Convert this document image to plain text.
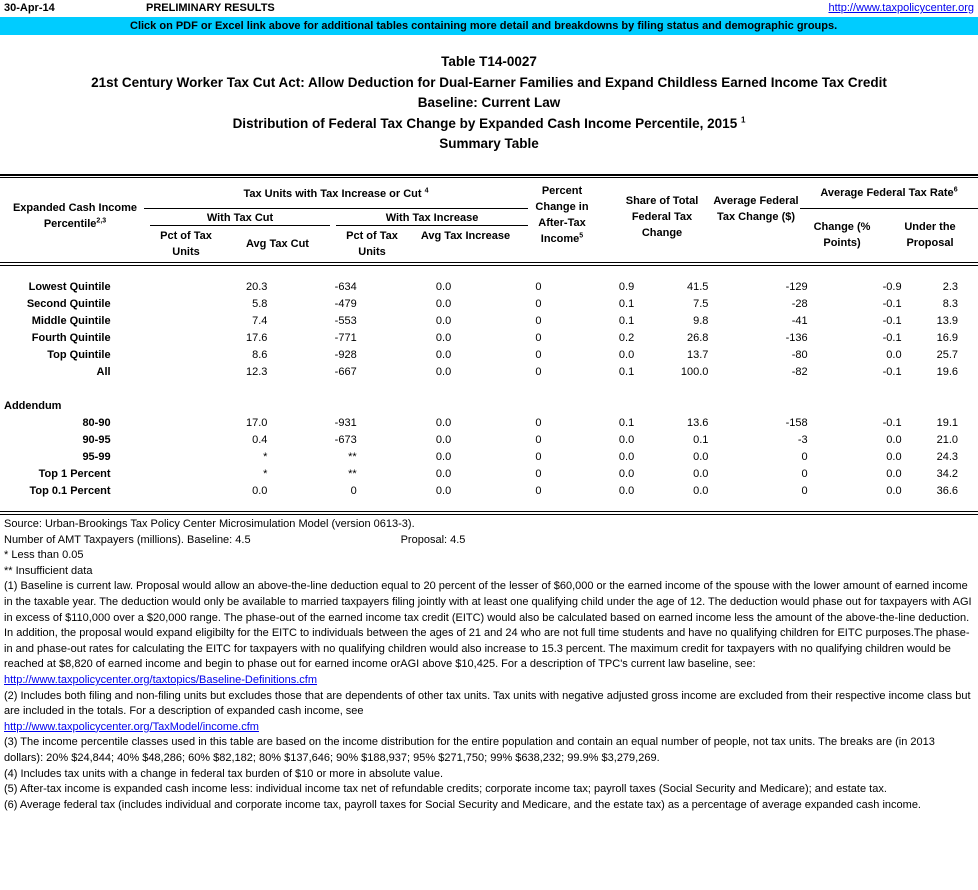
30-Apr-14	PRELIMINARY RESULTS	http://www.taxpolicycenter.org
Click on PDF or Excel link above for additional tables containing more detail and breakdowns by filing status and demographic groups.
Table T14-0027
21st Century Worker Tax Cut Act: Allow Deduction for Dual-Earner Families and Expand Childless Earned Income Tax Credit
Baseline: Current Law
Distribution of Federal Tax Change by Expanded Cash Income Percentile, 2015 $^1$
Summary Table
Expanded Cash Income Percentile$^{2,3}$
Tax Units with Tax Increase or Cut $^4$
With Tax Cut	With Tax Increase
Pct of Tax Units
Avg Tax Cut
Pct of Tax Units
Avg Tax Increase
Percent Change in After-Tax Income$^5$
Share of Total Federal Tax Change
Average Federal Tax Change ($)
Average Federal Tax Rate$^6$
Change (% Points)
Under the Proposal
Lowest Quintile		20.3	-634	0.0	0	0.9	41.5	-129	-0.9	2.3
Second Quintile		5.8	-479	0.0	0	0.1	7.5	-28	-0.1	8.3
Middle Quintile		7.4	-553	0.0	0	0.1	9.8	-41	-0.1	13.9
Fourth Quintile		17.6	-771	0.0	0	0.2	26.8	-136	-0.1	16.9
Top Quintile		8.6	-928	0.0	0	0.0	13.7	-80	0.0	25.7
All		12.3	-667	0.0	0	0.1	100.0	-82	-0.1	19.6

Addendum										
80-90		17.0	-931	0.0	0	0.1	13.6	-158	-0.1	19.1
90-95		0.4	-673	0.0	0	0.0	0.1	-3	0.0	21.0
95-99		*	**	0.0	0	0.0	0.0	0	0.0	24.3
Top 1 Percent		*	**	0.0	0	0.0	0.0	0	0.0	34.2
Top 0.1 Percent		0.0	0	0.0	0	0.0	0.0	0	0.0	36.6
Source: Urban-Brookings Tax Policy Center Microsimulation Model (version 0613-3).
Number of AMT Taxpayers (millions). Baseline: 4.5	Proposal: 4.5
* Less than 0.05
** Insufficient data
(1) Baseline is current law. Proposal would allow an above-the-line deduction equal to 20 percent of the lesser of $60,000 or the earned income of the spouse with the lower amount of earned income in the taxable year. The deduction would only be available to married taxpayers filing jointly with at least one qualifying child under the age of 12. The deduction would phase out for taxpayers with AGI in excess of $110,000 over a $20,000 range. The phase-out of the earned income tax credit (EITC) would also be calculated based on earned income less the amount of the above-the-line deduction. In addition, the proposal would expand eligibilty for the EITC to individuals between the ages of 21 and 24 who are not full time students and have no qualifying children for EITC purposes.The phase-in and phase-out rates for calculating the EITC for taxpayers with no qualifying children would also increase to 15.3 percent. The maximum credit for taxpayers with no qualifying children would be reached at $8,820 of earned income and begin to phase out for earned income orAGI above $10,425. For a description of TPC's current law baseline, see:
http://www.taxpolicycenter.org/taxtopics/Baseline-Definitions.cfm
(2) Includes both filing and non-filing units but excludes those that are dependents of other tax units. Tax units with negative adjusted gross income are excluded from their respective income class but are included in the totals. For a description of expanded cash income, see
http://www.taxpolicycenter.org/TaxModel/income.cfm
(3) The income percentile classes used in this table are based on the income distribution for the entire population and contain an equal number of people, not tax units. The breaks are (in 2013 dollars): 20% $24,844; 40% $48,286; 60% $82,182; 80% $137,646; 90% $188,937; 95% $271,750; 99% $638,232; 99.9% $3,279,269.
(4) Includes tax units with a change in federal tax burden of $10 or more in absolute value.
(5) After-tax income is expanded cash income less: individual income tax net of refundable credits; corporate income tax; payroll taxes (Social Security and Medicare); and estate tax.
(6) Average federal tax (includes individual and corporate income tax, payroll taxes for Social Security and Medicare, and the estate tax) as a percentage of average expanded cash income.
